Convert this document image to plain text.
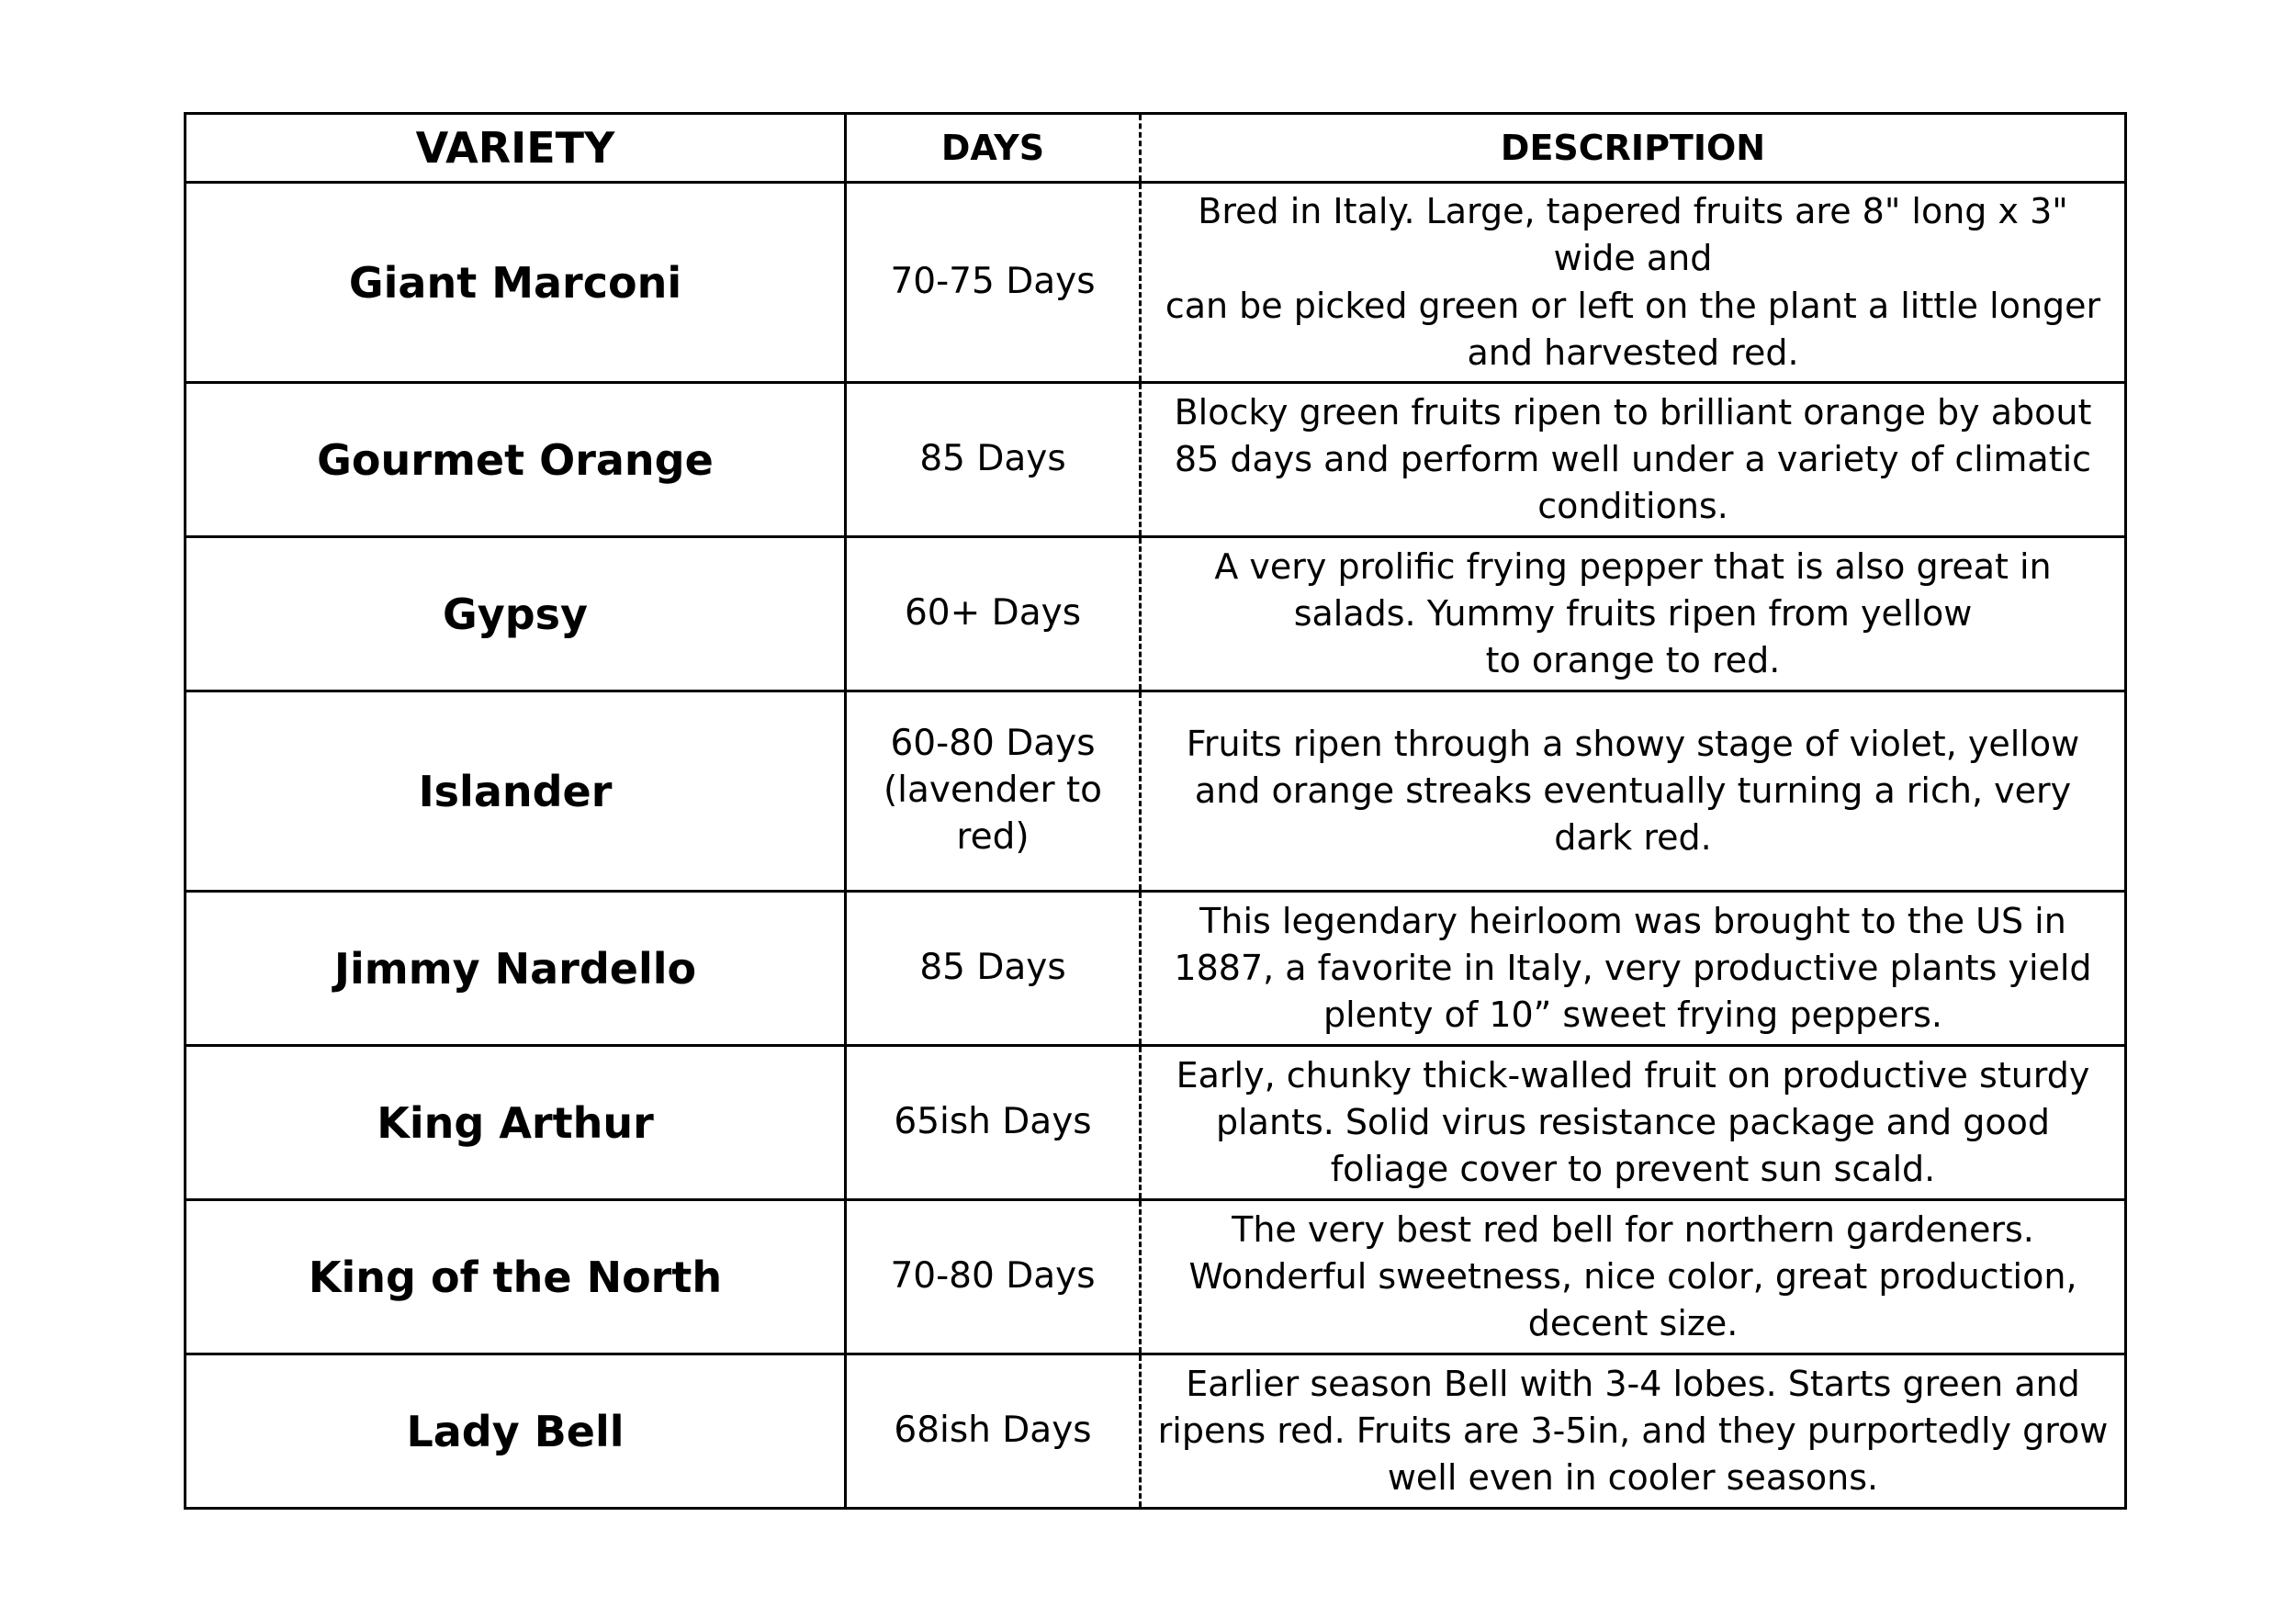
VARIETY	DAYS	DESCRIPTION
Giant Marconi	70-75 Days	Bred in Italy. Large, tapered fruits are 8" long x 3" wide and
can be picked green or left on the plant a little longer and harvested red.
Gourmet Orange	85 Days	Blocky green fruits ripen to brilliant orange by about 85 days and perform well under a variety of climatic conditions.
Gypsy	60+ Days	A very prolific frying pepper that is also great in salads. Yummy fruits ripen from yellow
to orange to red.
Islander	60-80 Days (lavender to red)	Fruits ripen through a showy stage of violet, yellow and orange streaks eventually turning a rich, very dark red.
Jimmy Nardello	85 Days	This legendary heirloom was brought to the US in 1887, a favorite in Italy, very productive plants yield plenty of 10” sweet frying peppers.
King Arthur	65ish Days	Early, chunky thick-walled fruit on productive sturdy plants. Solid virus resistance package and good foliage cover to prevent sun scald.
King of the North	70-80 Days	The very best red bell for northern gardeners. Wonderful sweetness, nice color, great production, decent size.
Lady Bell	68ish Days	Earlier season Bell with 3-4 lobes. Starts green and ripens red. Fruits are 3-5in, and they purportedly grow well even in cooler seasons.
